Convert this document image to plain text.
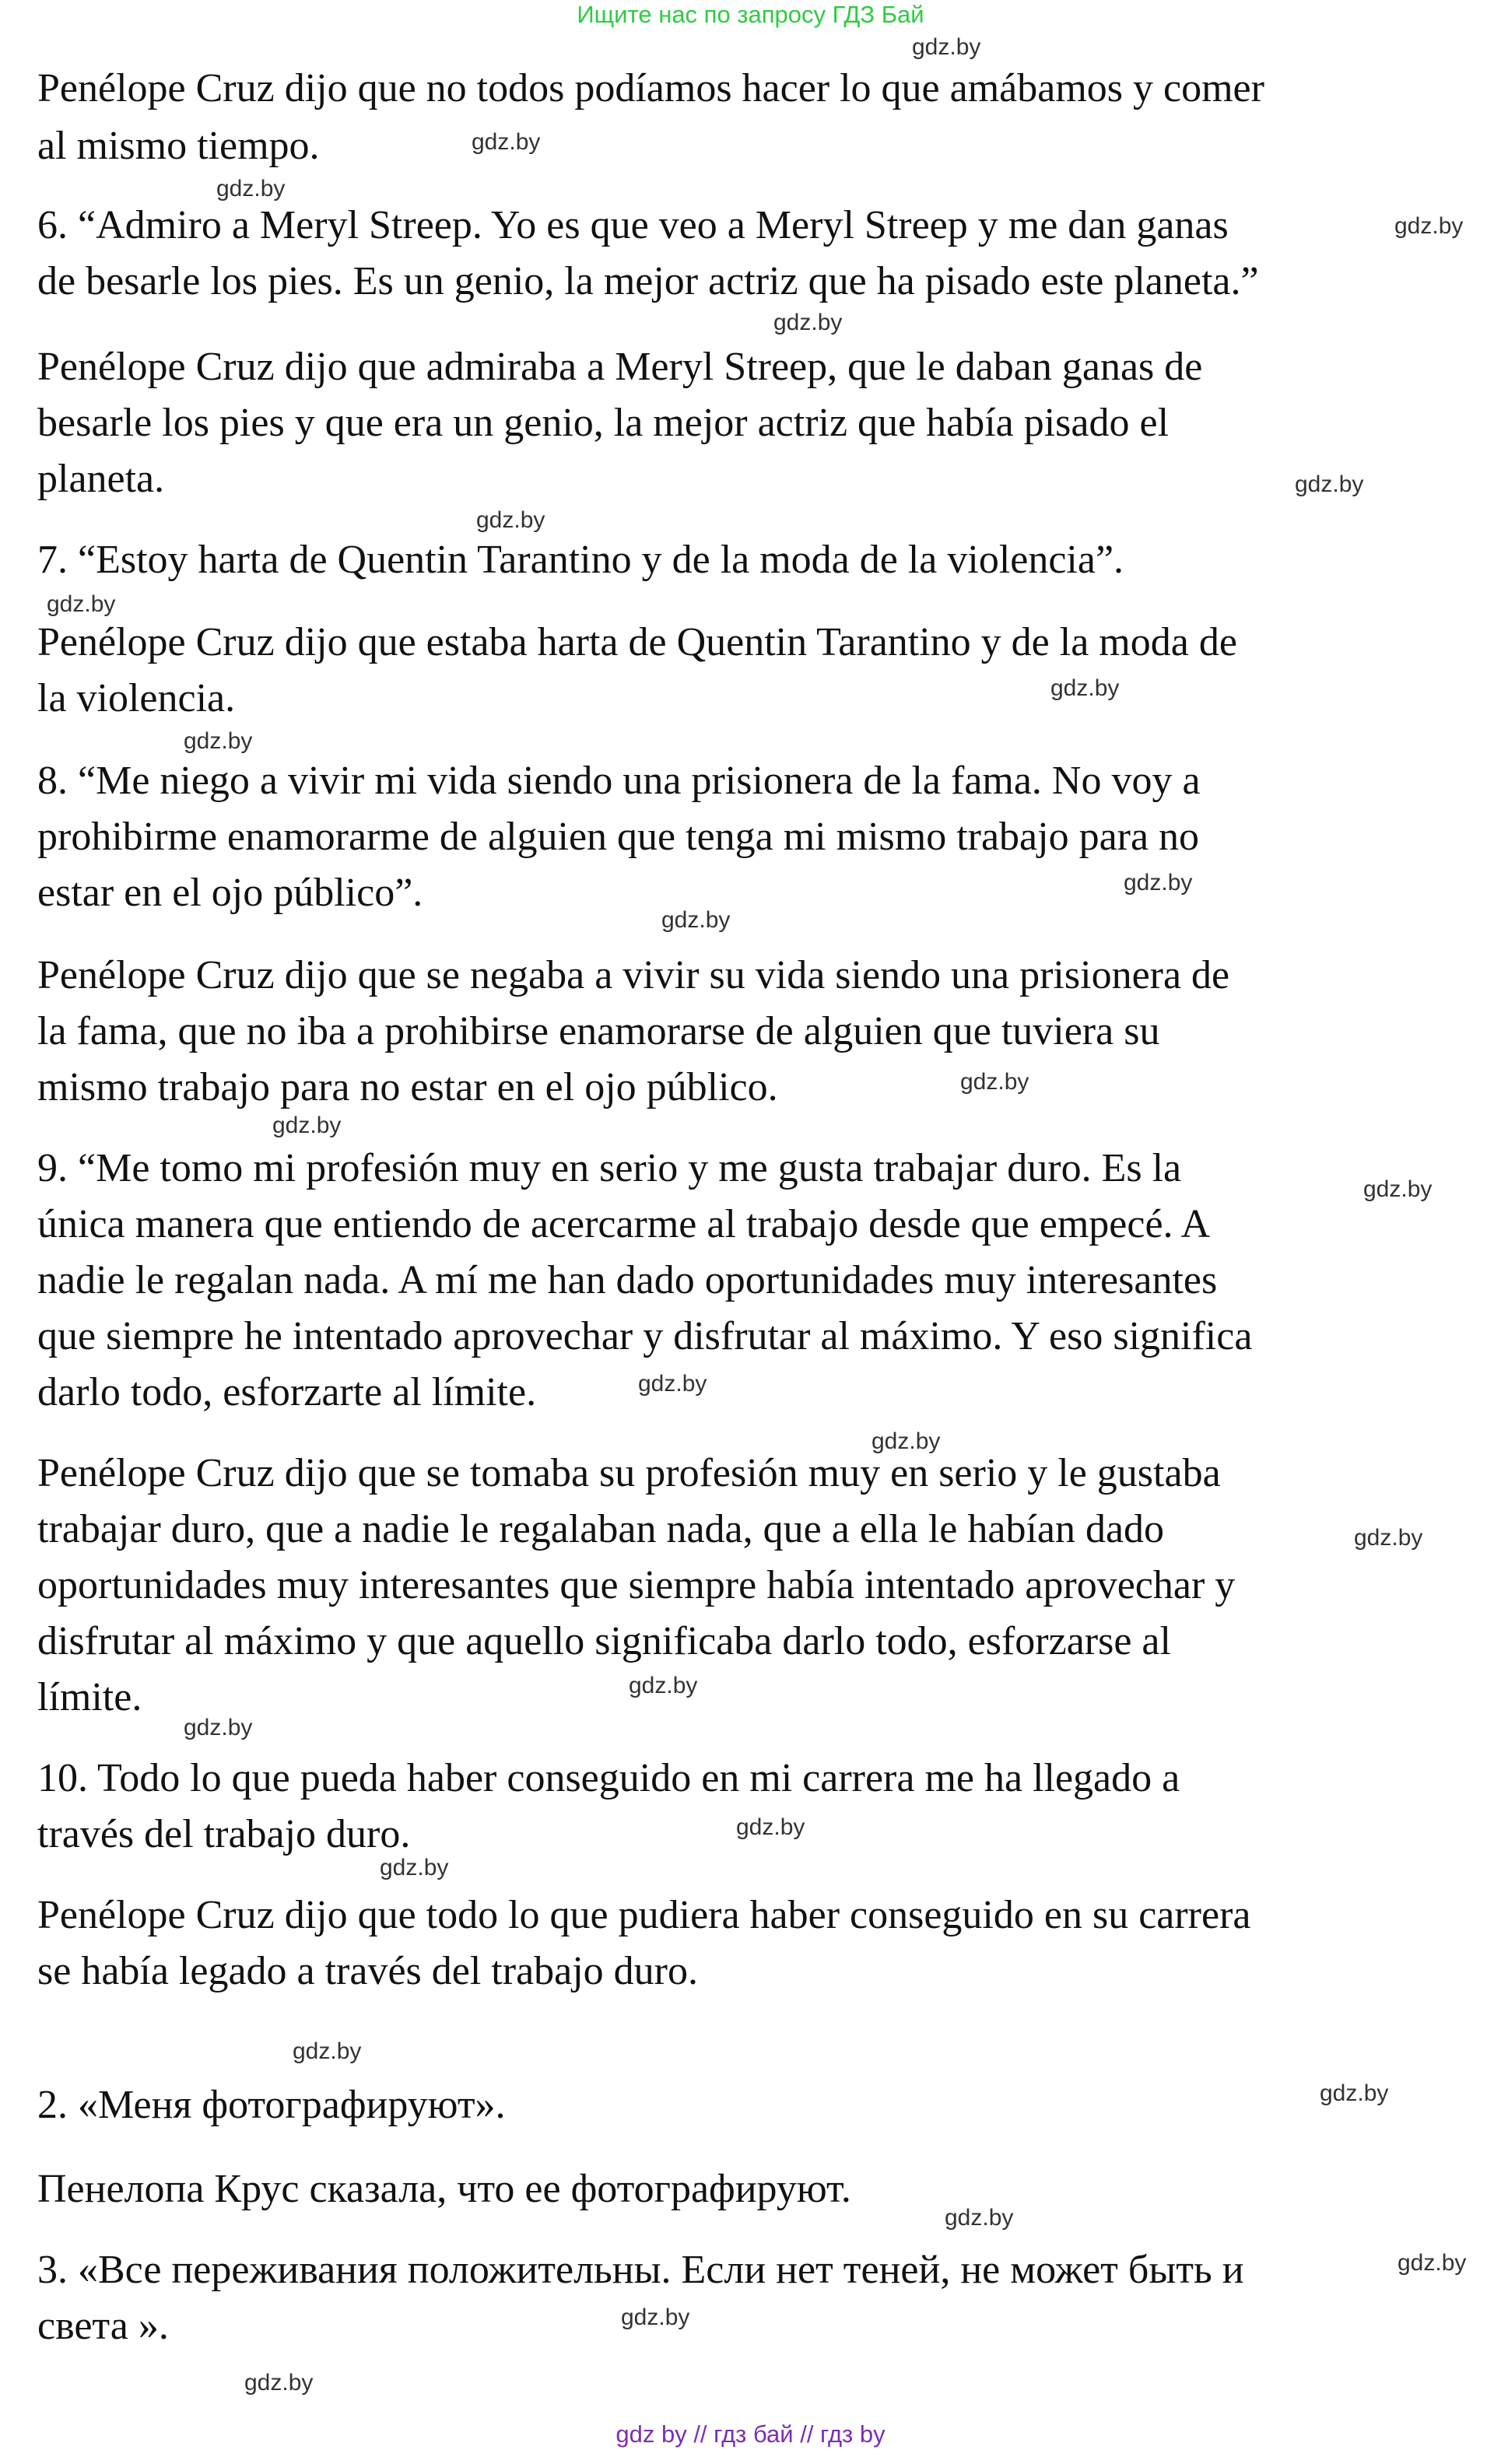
Ищите нас по запросу ГДЗ Бай
Penélope Cruz dijo que no todos podíamos hacer lo que amábamos y comer
al mismo tiempo.
6. “Admiro a Meryl Streep. Yo es que veo a Meryl Streep y me dan ganas
de besarle los pies. Es un genio, la mejor actriz que ha pisado este planeta.”
Penélope Cruz dijo que admiraba a Meryl Streep, que le daban ganas de
besarle los pies y que era un genio, la mejor actriz que había pisado el
planeta.
7. “Estoy harta de Quentin Tarantino y de la moda de la violencia”.
Penélope Cruz dijo que estaba harta de Quentin Tarantino y de la moda de
la violencia.
8. “Me niego a vivir mi vida siendo una prisionera de la fama. No voy a
prohibirme enamorarme de alguien que tenga mi mismo trabajo para no
estar en el ojo público”.
Penélope Cruz dijo que se negaba a vivir su vida siendo una prisionera de
la fama, que no iba a prohibirse enamorarse de alguien que tuviera su
mismo trabajo para no estar en el ojo público.
9. “Me tomo mi profesión muy en serio y me gusta trabajar duro. Es la
única manera que entiendo de acercarme al trabajo desde que empecé. A
nadie le regalan nada. A mí me han dado oportunidades muy interesantes
que siempre he intentado aprovechar y disfrutar al máximo. Y eso significa
darlo todo, esforzarte al límite.
Penélope Cruz dijo que se tomaba su profesión muy en serio y le gustaba
trabajar duro, que a nadie le regalaban nada, que a ella le habían dado
oportunidades muy interesantes que siempre había intentado aprovechar y
disfrutar al máximo y que aquello significaba darlo todo, esforzarse al
límite.
10. Todo lo que pueda haber conseguido en mi carrera me ha llegado a
través del trabajo duro.
Penélope Cruz dijo que todo lo que pudiera haber conseguido en su carrera
se había legado a través del trabajo duro.
2. «Меня фотографируют».
Пенелопа Крус сказала, что ее фотографируют.
3. «Все переживания положительны. Если нет теней, не может быть и
света ».
gdz.by
gdz.by
gdz.by
gdz.by
gdz.by
gdz.by
gdz.by
gdz.by
gdz.by
gdz.by
gdz.by
gdz.by
gdz.by
gdz.by
gdz.by
gdz.by
gdz.by
gdz.by
gdz.by
gdz.by
gdz.by
gdz.by
gdz.by
gdz.by
gdz.by
gdz.by
gdz.by
gdz.by
gdz by // гдз бай // гдз by
